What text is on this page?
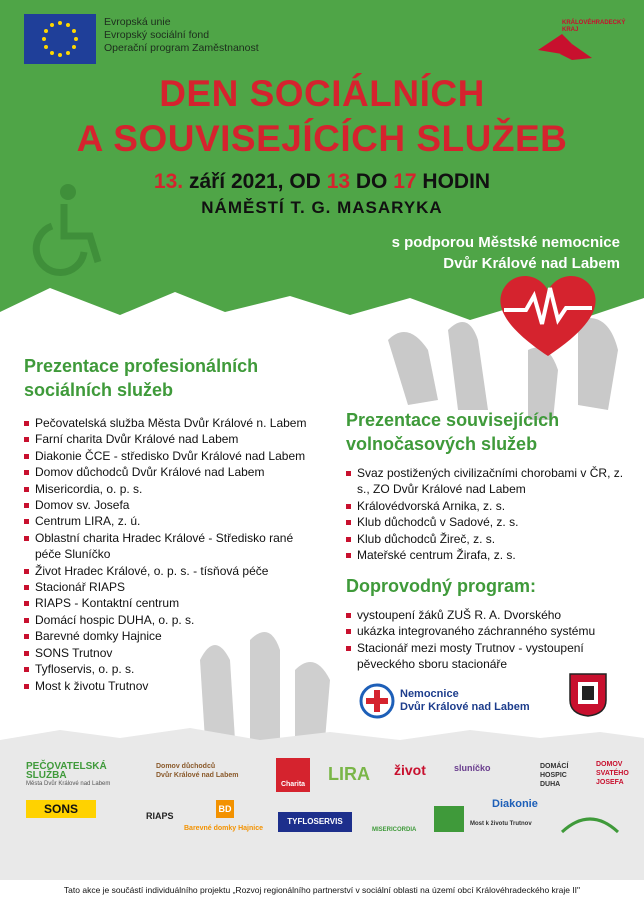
Evropská unie
Evropský sociální fond
Operační program Zaměstnanost
KRÁLOVÉHRADECKÝ KRAJ
DEN SOCIÁLNÍCH
A SOUVISEJÍCÍCH SLUŽEB
13. září 2021, OD 13 DO 17 HODIN
NÁMĚSTÍ T. G. MASARYKA
s podporou Městské nemocnice
Dvůr Králové nad Labem
Prezentace profesionálních
sociálních služeb
Pečovatelská služba Města Dvůr Králové n. Labem
Farní charita Dvůr Králové nad Labem
Diakonie ČCE - středisko Dvůr Králové nad Labem
Domov důchodců Dvůr Králové nad Labem
Misericordia, o. p. s.
Domov sv. Josefa
Centrum LIRA, z. ú.
Oblastní charita Hradec Králové - Středisko rané péče Sluníčko
Život Hradec Králové, o. p. s. - tísňová péče
Stacionář RIAPS
RIAPS - Kontaktní centrum
Domácí hospic DUHA, o. p. s.
Barevné domky Hajnice
SONS Trutnov
Tyfloservis, o. p. s.
Most k životu Trutnov
Prezentace souvisejících
volnočasových služeb
Svaz postižených civilizačními chorobami v ČR, z. s., ZO Dvůr Králové nad Labem
Královédvorská Arnika, z. s.
Klub důchodců v Sadové, z. s.
Klub důchodců Žireč, z. s.
Mateřské centrum Žirafa, z. s.
Doprovodný program:
vystoupení žáků ZUŠ R. A. Dvorského
ukázka integrovaného záchranného systému
Stacionář mezi mosty Trutnov - vystoupení pěveckého sboru stacionáře
Nemocnice
Dvůr Králové nad Labem
PEČOVATELSKÁ SLUŽBA
Města Dvůr Králové nad Labem
Domov důchodců
Dvůr Králové nad Labem
Charita
LIRA život	sluníčko	DOMÁCÍ
HOSPIC
DUHA
DOMOV
SVATÉHO
JOSEFA
SONS	RIAPS
BD
Barevné domky Hajnice
TYFLOSERVIS
MISERICORDIA
Most k životu Trutnov
Diakonie
Tato akce je součástí individuálního projektu „Rozvoj regionálního partnerství v sociální oblasti na území obcí Královéhradeckého kraje II"
